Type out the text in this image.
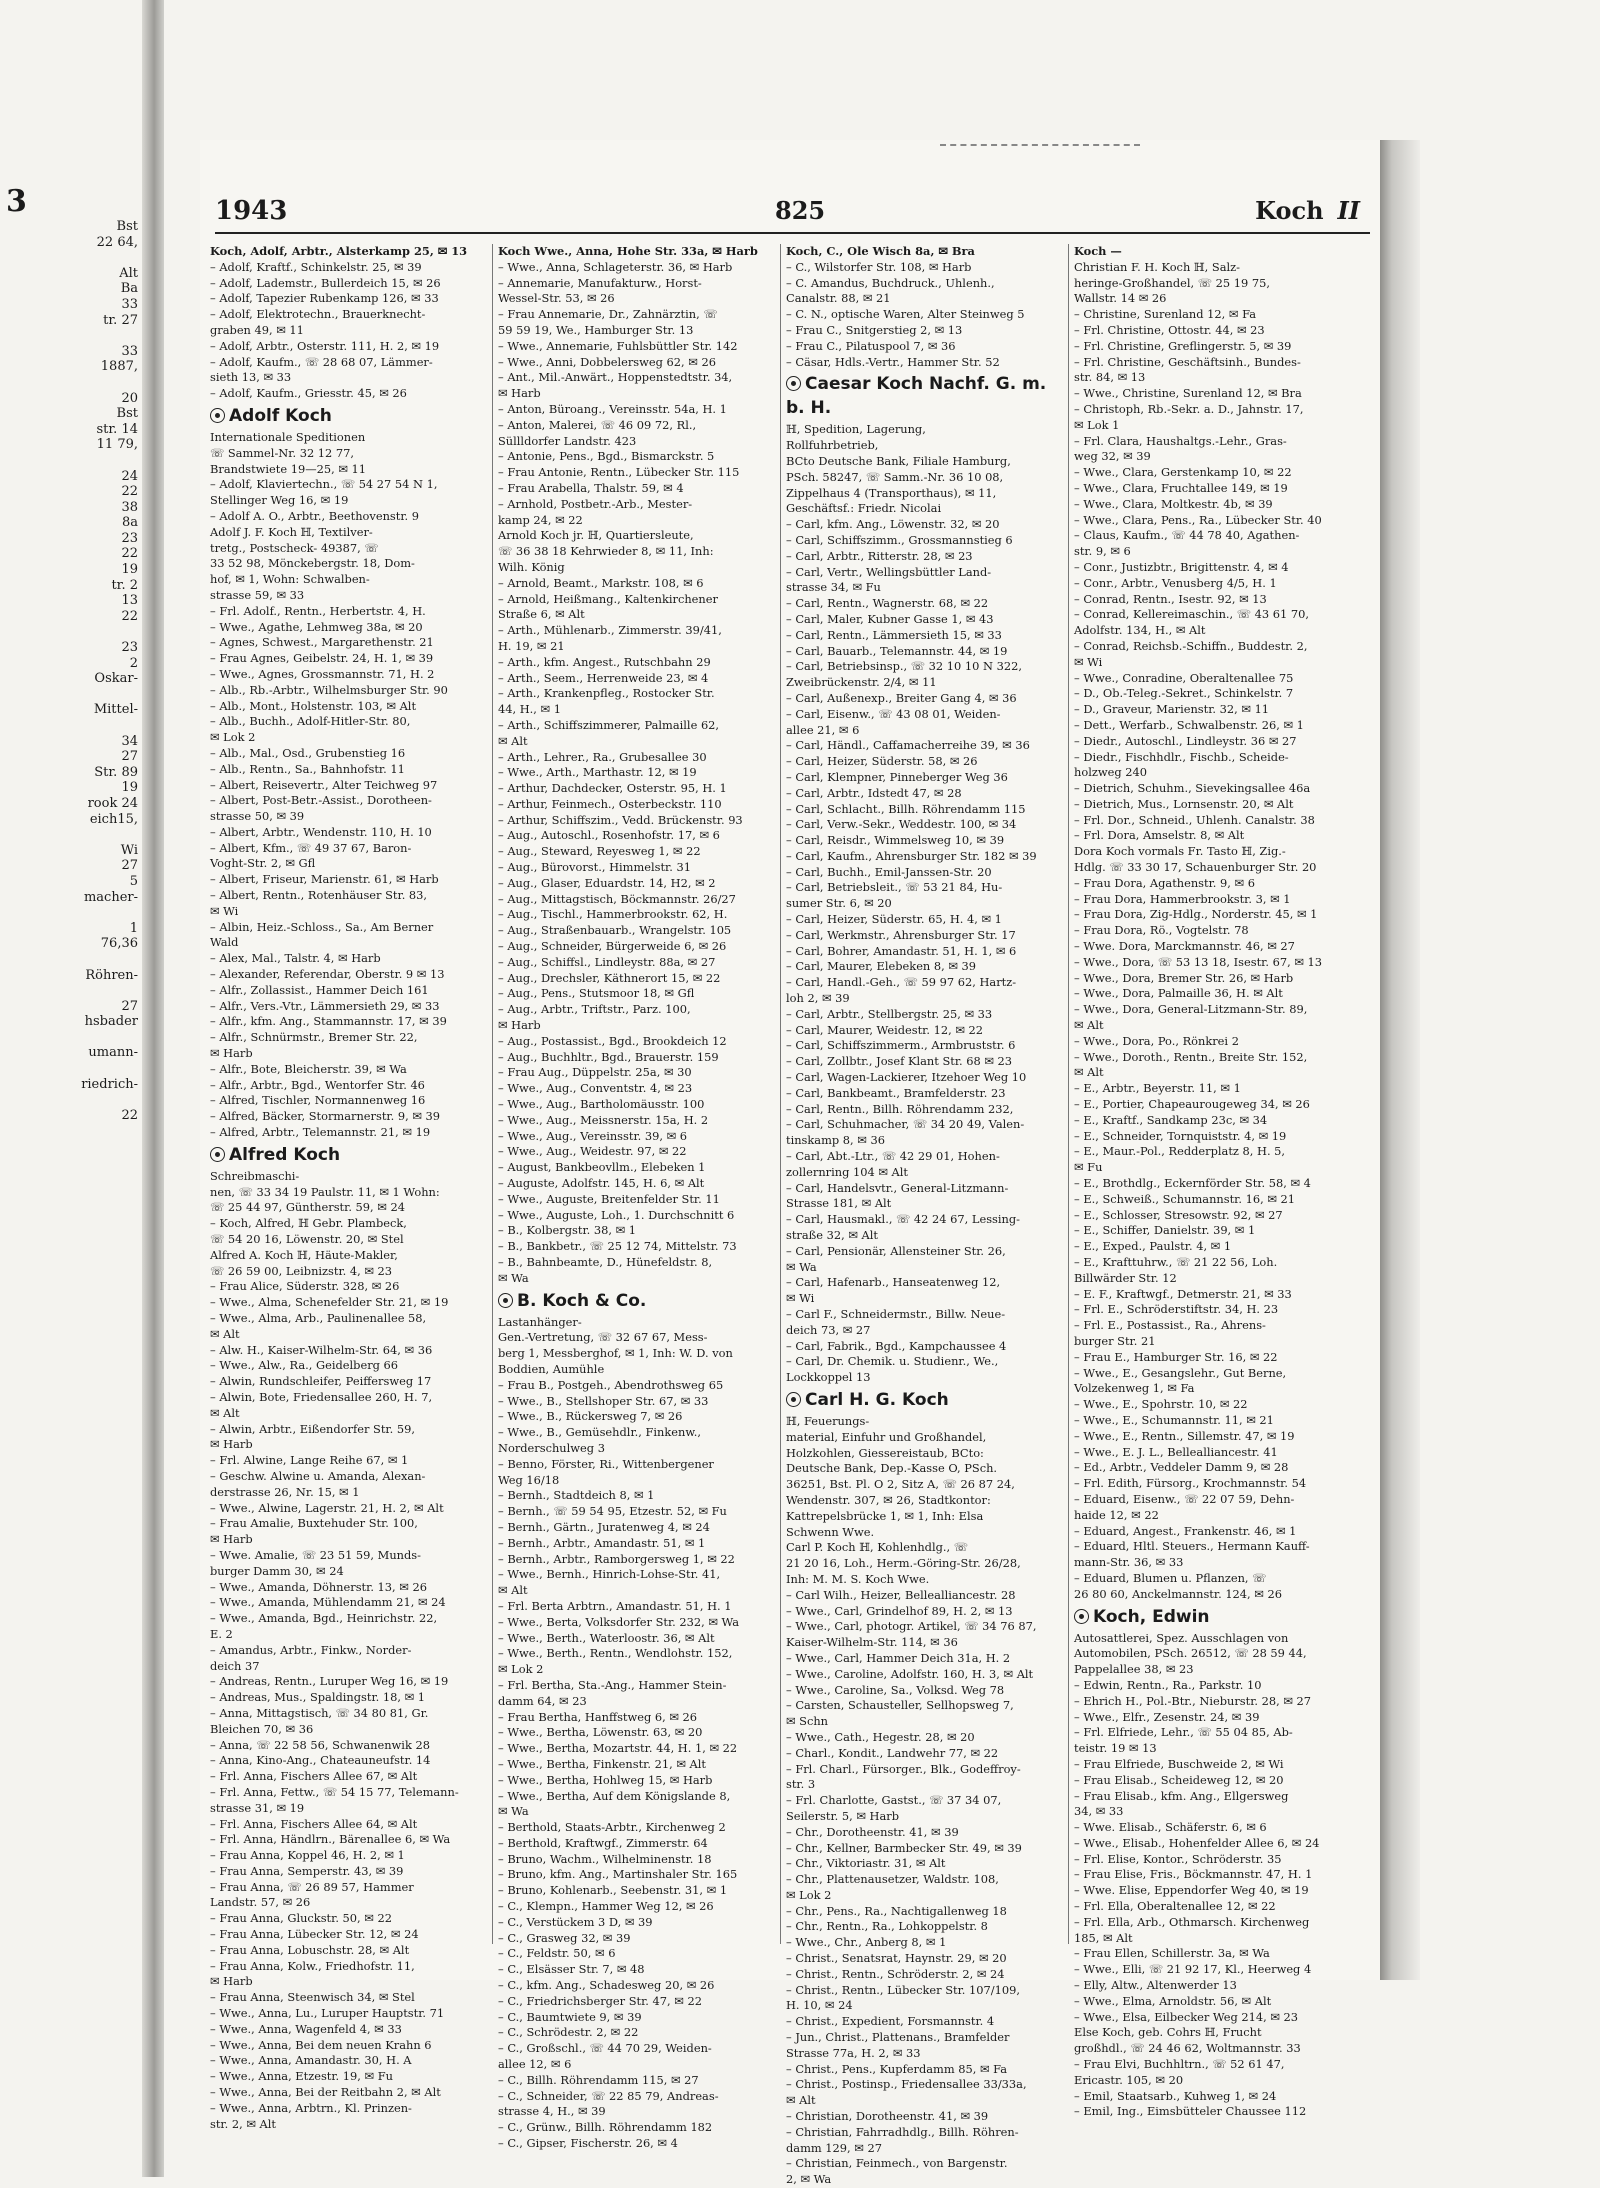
3
Bst
22 64,

Alt
Ba
33
tr. 27

33
1887,

20
Bst
str. 14
11 79,

24
22
38
8a
23
22
19
tr. 2
13
22

23
2
Oskar-

Mittel-

34
27
Str. 89
19
rook 24
eich15,

Wi
27
5
macher-

1
76,36

Röhren-

27
hsbader

umann-

riedrich-

22
1943	825	Koch II
Koch, Adolf, Arbtr., Alsterkamp 25, ✉ 13
– Adolf, Kraftf., Schinkelstr. 25, ✉ 39
– Adolf, Lademstr., Bullerdeich 15, ✉ 26
– Adolf, Tapezier Rubenkamp 126, ✉ 33
– Adolf, Elektrotechn., Brauerknecht-
graben 49, ✉ 11
– Adolf, Arbtr., Osterstr. 111, H. 2, ✉ 19
– Adolf, Kaufm., ☏ 28 68 07, Lämmer-
sieth 13, ✉ 33
– Adolf, Kaufm., Griesstr. 45, ✉ 26
Adolf Koch
Internationale Speditionen
☏ Sammel-Nr. 32 12 77,
Brandstwiete 19—25, ✉ 11
– Adolf, Klaviertechn., ☏ 54 27 54 N 1,
Stellinger Weg 16, ✉ 19
– Adolf A. O., Arbtr., Beethovenstr. 9
Adolf J. F. Koch ℍ, Textilver-
tretg., Postscheck- 49387, ☏
33 52 98, Mönckebergstr. 18, Dom-
hof, ✉ 1, Wohn: Schwalben-
strasse 59, ✉ 33
– Frl. Adolf., Rentn., Herbertstr. 4, H.
– Wwe., Agathe, Lehmweg 38a, ✉ 20
– Agnes, Schwest., Margarethenstr. 21
– Frau Agnes, Geibelstr. 24, H. 1, ✉ 39
– Wwe., Agnes, Grossmannstr. 71, H. 2
– Alb., Rb.-Arbtr., Wilhelmsburger Str. 90
– Alb., Mont., Holstenstr. 103, ✉ Alt
– Alb., Buchh., Adolf-Hitler-Str. 80,
✉ Lok 2
– Alb., Mal., Osd., Grubenstieg 16
– Alb., Rentn., Sa., Bahnhofstr. 11
– Albert, Reisevertr., Alter Teichweg 97
– Albert, Post-Betr.-Assist., Dorotheen-
strasse 50, ✉ 39
– Albert, Arbtr., Wendenstr. 110, H. 10
– Albert, Kfm., ☏ 49 37 67, Baron-
Voght-Str. 2, ✉ Gfl
– Albert, Friseur, Marienstr. 61, ✉ Harb
– Albert, Rentn., Rotenhäuser Str. 83,
✉ Wi
– Albin, Heiz.-Schloss., Sa., Am Berner
Wald
– Alex, Mal., Talstr. 4, ✉ Harb
– Alexander, Referendar, Oberstr. 9 ✉ 13
– Alfr., Zollassist., Hammer Deich 161
– Alfr., Vers.-Vtr., Lämmersieth 29, ✉ 33
– Alfr., kfm. Ang., Stammannstr. 17, ✉ 39
– Alfr., Schnürmstr., Bremer Str. 22,
✉ Harb
– Alfr., Bote, Bleicherstr. 39, ✉ Wa
– Alfr., Arbtr., Bgd., Wentorfer Str. 46
– Alfred, Tischler, Normannenweg 16
– Alfred, Bäcker, Stormarnerstr. 9, ✉ 39
– Alfred, Arbtr., Telemannstr. 21, ✉ 19
Alfred Koch
Schreibmaschi-
nen, ☏ 33 34 19 Paulstr. 11, ✉ 1 Wohn:
☏ 25 44 97, Güntherstr. 59, ✉ 24
– Koch, Alfred, ℍ Gebr. Plambeck,
☏ 54 20 16, Löwenstr. 20, ✉ Stel
Alfred A. Koch ℍ, Häute-Makler,
☏ 26 59 00, Leibnizstr. 4, ✉ 23
– Frau Alice, Süderstr. 328, ✉ 26
– Wwe., Alma, Schenefelder Str. 21, ✉ 19
– Wwe., Alma, Arb., Paulinenallee 58,
✉ Alt
– Alw. H., Kaiser-Wilhelm-Str. 64, ✉ 36
– Wwe., Alw., Ra., Geidelberg 66
– Alwin, Rundschleifer, Peiffersweg 17
– Alwin, Bote, Friedensallee 260, H. 7,
✉ Alt
– Alwin, Arbtr., Eißendorfer Str. 59,
✉ Harb
– Frl. Alwine, Lange Reihe 67, ✉ 1
– Geschw. Alwine u. Amanda, Alexan-
derstrasse 26, Nr. 15, ✉ 1
– Wwe., Alwine, Lagerstr. 21, H. 2, ✉ Alt
– Frau Amalie, Buxtehuder Str. 100,
✉ Harb
– Wwe. Amalie, ☏ 23 51 59, Munds-
burger Damm 30, ✉ 24
– Wwe., Amanda, Döhnerstr. 13, ✉ 26
– Wwe., Amanda, Mühlendamm 21, ✉ 24
– Wwe., Amanda, Bgd., Heinrichstr. 22,
E. 2
– Amandus, Arbtr., Finkw., Norder-
deich 37
– Andreas, Rentn., Luruper Weg 16, ✉ 19
– Andreas, Mus., Spaldingstr. 18, ✉ 1
– Anna, Mittagstisch, ☏ 34 80 81, Gr.
Bleichen 70, ✉ 36
– Anna, ☏ 22 58 56, Schwanenwik 28
– Anna, Kino-Ang., Chateauneufstr. 14
– Frl. Anna, Fischers Allee 67, ✉ Alt
– Frl. Anna, Fettw., ☏ 54 15 77, Telemann-
strasse 31, ✉ 19
– Frl. Anna, Fischers Allee 64, ✉ Alt
– Frl. Anna, Händlrn., Bärenallee 6, ✉ Wa
– Frau Anna, Koppel 46, H. 2, ✉ 1
– Frau Anna, Semperstr. 43, ✉ 39
– Frau Anna, ☏ 26 89 57, Hammer
Landstr. 57, ✉ 26
– Frau Anna, Gluckstr. 50, ✉ 22
– Frau Anna, Lübecker Str. 12, ✉ 24
– Frau Anna, Lobuschstr. 28, ✉ Alt
– Frau Anna, Kolw., Friedhofstr. 11,
✉ Harb
– Frau Anna, Steenwisch 34, ✉ Stel
– Wwe., Anna, Lu., Luruper Hauptstr. 71
– Wwe., Anna, Wagenfeld 4, ✉ 33
– Wwe., Anna, Bei dem neuen Krahn 6
– Wwe., Anna, Amandastr. 30, H. A
– Wwe., Anna, Etzestr. 19, ✉ Fu
– Wwe., Anna, Bei der Reitbahn 2, ✉ Alt
– Wwe., Anna, Arbtrn., Kl. Prinzen-
str. 2, ✉ Alt
Koch Wwe., Anna, Hohe Str. 33a, ✉ Harb
– Wwe., Anna, Schlageterstr. 36, ✉ Harb
– Annemarie, Manufakturw., Horst-
Wessel-Str. 53, ✉ 26
– Frau Annemarie, Dr., Zahnärztin, ☏
59 59 19, We., Hamburger Str. 13
– Wwe., Annemarie, Fuhlsbüttler Str. 142
– Wwe., Anni, Dobbelersweg 62, ✉ 26
– Ant., Mil.-Anwärt., Hoppenstedtstr. 34,
✉ Harb
– Anton, Büroang., Vereinsstr. 54a, H. 1
– Anton, Malerei, ☏ 46 09 72, Rl.,
Süllldorfer Landstr. 423
– Antonie, Pens., Bgd., Bismarckstr. 5
– Frau Antonie, Rentn., Lübecker Str. 115
– Frau Arabella, Thalstr. 59, ✉ 4
– Arnhold, Postbetr.-Arb., Mester-
kamp 24, ✉ 22
Arnold Koch jr. ℍ, Quartiersleute,
☏ 36 38 18 Kehrwieder 8, ✉ 11, Inh:
Wilh. König
– Arnold, Beamt., Markstr. 108, ✉ 6
– Arnold, Heißmang., Kaltenkirchener
Straße 6, ✉ Alt
– Arth., Mühlenarb., Zimmerstr. 39/41,
H. 19, ✉ 21
– Arth., kfm. Angest., Rutschbahn 29
– Arth., Seem., Herrenweide 23, ✉ 4
– Arth., Krankenpfleg., Rostocker Str.
44, H., ✉ 1
– Arth., Schiffszimmerer, Palmaille 62,
✉ Alt
– Arth., Lehrer., Ra., Grubesallee 30
– Wwe., Arth., Marthastr. 12, ✉ 19
– Arthur, Dachdecker, Osterstr. 95, H. 1
– Arthur, Feinmech., Osterbeckstr. 110
– Arthur, Schiffszim., Vedd. Brückenstr. 93
– Aug., Autoschl., Rosenhofstr. 17, ✉ 6
– Aug., Steward, Reyesweg 1, ✉ 22
– Aug., Bürovorst., Himmelstr. 31
– Aug., Glaser, Eduardstr. 14, H2, ✉ 2
– Aug., Mittagstisch, Böckmannstr. 26/27
– Aug., Tischl., Hammerbrookstr. 62, H.
– Aug., Straßenbauarb., Wrangelstr. 105
– Aug., Schneider, Bürgerweide 6, ✉ 26
– Aug., Schiffsl., Lindleystr. 88a, ✉ 27
– Aug., Drechsler, Käthnerort 15, ✉ 22
– Aug., Pens., Stutsmoor 18, ✉ Gfl
– Aug., Arbtr., Triftstr., Parz. 100,
✉ Harb
– Aug., Postassist., Bgd., Brookdeich 12
– Aug., Buchhltr., Bgd., Brauerstr. 159
– Frau Aug., Düppelstr. 25a, ✉ 30
– Wwe., Aug., Conventstr. 4, ✉ 23
– Wwe., Aug., Bartholomäusstr. 100
– Wwe., Aug., Meissnerstr. 15a, H. 2
– Wwe., Aug., Vereinsstr. 39, ✉ 6
– Wwe., Aug., Weidestr. 97, ✉ 22
– August, Bankbeovllm., Elebeken 1
– Auguste, Adolfstr. 145, H. 6, ✉ Alt
– Wwe., Auguste, Breitenfelder Str. 11
– Wwe., Auguste, Loh., 1. Durchschnitt 6
– B., Kolbergstr. 38, ✉ 1
– B., Bankbetr., ☏ 25 12 74, Mittelstr. 73
– B., Bahnbeamte, D., Hünefeldstr. 8,
✉ Wa
B. Koch & Co.
Lastanhänger-
Gen.-Vertretung, ☏ 32 67 67, Mess-
berg 1, Messberghof, ✉ 1, Inh: W. D. von
Boddien, Aumühle
– Frau B., Postgeh., Abendrothsweg 65
– Wwe., B., Stellshoper Str. 67, ✉ 33
– Wwe., B., Rückersweg 7, ✉ 26
– Wwe., B., Gemüsehdlr., Finkenw.,
Norderschulweg 3
– Benno, Förster, Ri., Wittenbergener
Weg 16/18
– Bernh., Stadtdeich 8, ✉ 1
– Bernh., ☏ 59 54 95, Etzestr. 52, ✉ Fu
– Bernh., Gärtn., Juratenweg 4, ✉ 24
– Bernh., Arbtr., Amandastr. 51, ✉ 1
– Bernh., Arbtr., Ramborgersweg 1, ✉ 22
– Wwe., Bernh., Hinrich-Lohse-Str. 41,
✉ Alt
– Frl. Berta Arbtrn., Amandastr. 51, H. 1
– Wwe., Berta, Volksdorfer Str. 232, ✉ Wa
– Wwe., Berth., Waterloostr. 36, ✉ Alt
– Wwe., Berth., Rentn., Wendlohstr. 152,
✉ Lok 2
– Frl. Bertha, Sta.-Ang., Hammer Stein-
damm 64, ✉ 23
– Frau Bertha, Hanffstweg 6, ✉ 26
– Wwe., Bertha, Löwenstr. 63, ✉ 20
– Wwe., Bertha, Mozartstr. 44, H. 1, ✉ 22
– Wwe., Bertha, Finkenstr. 21, ✉ Alt
– Wwe., Bertha, Hohlweg 15, ✉ Harb
– Wwe., Bertha, Auf dem Königslande 8,
✉ Wa
– Berthold, Staats-Arbtr., Kirchenweg 2
– Berthold, Kraftwgf., Zimmerstr. 64
– Bruno, Wachm., Wilhelminenstr. 18
– Bruno, kfm. Ang., Martinshaler Str. 165
– Bruno, Kohlenarb., Seebenstr. 31, ✉ 1
– C., Klempn., Hammer Weg 12, ✉ 26
– C., Verstückem 3 D, ✉ 39
– C., Grasweg 32, ✉ 39
– C., Feldstr. 50, ✉ 6
– C., Elsässer Str. 7, ✉ 48
– C., kfm. Ang., Schadesweg 20, ✉ 26
– C., Friedrichsberger Str. 47, ✉ 22
– C., Baumtwiete 9, ✉ 39
– C., Schrödestr. 2, ✉ 22
– C., Großschl., ☏ 44 70 29, Weiden-
allee 12, ✉ 6
– C., Billh. Röhrendamm 115, ✉ 27
– C., Schneider, ☏ 22 85 79, Andreas-
strasse 4, H., ✉ 39
– C., Grünw., Billh. Röhrendamm 182
– C., Gipser, Fischerstr. 26, ✉ 4
Koch, C., Ole Wisch 8a, ✉ Bra
– C., Wilstorfer Str. 108, ✉ Harb
– C. Amandus, Buchdruck., Uhlenh.,
Canalstr. 88, ✉ 21
– C. N., optische Waren, Alter Steinweg 5
– Frau C., Snitgerstieg 2, ✉ 13
– Frau C., Pilatuspool 7, ✉ 36
– Cäsar, Hdls.-Vertr., Hammer Str. 52
Caesar Koch Nachf. G. m. b. H.
ℍ, Spedition, Lagerung,
Rollfuhrbetrieb,
BCto Deutsche Bank, Filiale Hamburg,
PSch. 58247, ☏ Samm.-Nr. 36 10 08,
Zippelhaus 4 (Transporthaus), ✉ 11,
Geschäftsf.: Friedr. Nicolai
– Carl, kfm. Ang., Löwenstr. 32, ✉ 20
– Carl, Schiffszimm., Grossmannstieg 6
– Carl, Arbtr., Ritterstr. 28, ✉ 23
– Carl, Vertr., Wellingsbüttler Land-
strasse 34, ✉ Fu
– Carl, Rentn., Wagnerstr. 68, ✉ 22
– Carl, Maler, Kubner Gasse 1, ✉ 43
– Carl, Rentn., Lämmersieth 15, ✉ 33
– Carl, Bauarb., Telemannstr. 44, ✉ 19
– Carl, Betriebsinsp., ☏ 32 10 10 N 322,
Zweibrückenstr. 2/4, ✉ 11
– Carl, Außenexp., Breiter Gang 4, ✉ 36
– Carl, Eisenw., ☏ 43 08 01, Weiden-
allee 21, ✉ 6
– Carl, Händl., Caffamacherreihe 39, ✉ 36
– Carl, Heizer, Süderstr. 58, ✉ 26
– Carl, Klempner, Pinneberger Weg 36
– Carl, Arbtr., Idstedt 47, ✉ 28
– Carl, Schlacht., Billh. Röhrendamm 115
– Carl, Verw.-Sekr., Weddestr. 100, ✉ 34
– Carl, Reisdr., Wimmelsweg 10, ✉ 39
– Carl, Kaufm., Ahrensburger Str. 182 ✉ 39
– Carl, Buchh., Emil-Janssen-Str. 20
– Carl, Betriebsleit., ☏ 53 21 84, Hu-
sumer Str. 6, ✉ 20
– Carl, Heizer, Süderstr. 65, H. 4, ✉ 1
– Carl, Werkmstr., Ahrensburger Str. 17
– Carl, Bohrer, Amandastr. 51, H. 1, ✉ 6
– Carl, Maurer, Elebeken 8, ✉ 39
– Carl, Handl.-Geh., ☏ 59 97 62, Hartz-
loh 2, ✉ 39
– Carl, Arbtr., Stellbergstr. 25, ✉ 33
– Carl, Maurer, Weidestr. 12, ✉ 22
– Carl, Schiffszimmerm., Armbruststr. 6
– Carl, Zollbtr., Josef Klant Str. 68 ✉ 23
– Carl, Wagen-Lackierer, Itzehoer Weg 10
– Carl, Bankbeamt., Bramfelderstr. 23
– Carl, Rentn., Billh. Röhrendamm 232,
– Carl, Schuhmacher, ☏ 34 20 49, Valen-
tinskamp 8, ✉ 36
– Carl, Abt.-Ltr., ☏ 42 29 01, Hohen-
zollernring 104 ✉ Alt
– Carl, Handelsvtr., General-Litzmann-
Strasse 181, ✉ Alt
– Carl, Hausmakl., ☏ 42 24 67, Lessing-
straße 32, ✉ Alt
– Carl, Pensionär, Allensteiner Str. 26,
✉ Wa
– Carl, Hafenarb., Hanseatenweg 12,
✉ Wi
– Carl F., Schneidermstr., Billw. Neue-
deich 73, ✉ 27
– Carl, Fabrik., Bgd., Kampchaussee 4
– Carl, Dr. Chemik. u. Studienr., We.,
Lockkoppel 13
Carl H. G. Koch
ℍ, Feuerungs-
material, Einfuhr und Großhandel,
Holzkohlen, Giessereistaub, BCto:
Deutsche Bank, Dep.-Kasse O, PSch.
36251, Bst. Pl. O 2, Sitz A, ☏ 26 87 24,
Wendenstr. 307, ✉ 26, Stadtkontor:
Kattrepelsbrücke 1, ✉ 1, Inh: Elsa
Schwenn Wwe.
Carl P. Koch ℍ, Kohlenhdlg., ☏
21 20 16, Loh., Herm.-Göring-Str. 26/28,
Inh: M. M. S. Koch Wwe.
– Carl Wilh., Heizer, Bellealliancestr. 28
– Wwe., Carl, Grindelhof 89, H. 2, ✉ 13
– Wwe., Carl, photogr. Artikel, ☏ 34 76 87,
Kaiser-Wilhelm-Str. 114, ✉ 36
– Wwe., Carl, Hammer Deich 31a, H. 2
– Wwe., Caroline, Adolfstr. 160, H. 3, ✉ Alt
– Wwe., Caroline, Sa., Volksd. Weg 78
– Carsten, Schausteller, Sellhopsweg 7,
✉ Schn
– Wwe., Cath., Hegestr. 28, ✉ 20
– Charl., Kondit., Landwehr 77, ✉ 22
– Frl. Charl., Fürsorger., Blk., Godeffroy-
str. 3
– Frl. Charlotte, Gastst., ☏ 37 34 07,
Seilerstr. 5, ✉ Harb
– Chr., Dorotheenstr. 41, ✉ 39
– Chr., Kellner, Barmbecker Str. 49, ✉ 39
– Chr., Viktoriastr. 31, ✉ Alt
– Chr., Plattenausetzer, Waldstr. 108,
✉ Lok 2
– Chr., Pens., Ra., Nachtigallenweg 18
– Chr., Rentn., Ra., Lohkoppelstr. 8
– Wwe., Chr., Anberg 8, ✉ 1
– Christ., Senatsrat, Haynstr. 29, ✉ 20
– Christ., Rentn., Schröderstr. 2, ✉ 24
– Christ., Rentn., Lübecker Str. 107/109,
H. 10, ✉ 24
– Christ., Expedient, Forsmannstr. 4
– Jun., Christ., Plattenans., Bramfelder
Strasse 77a, H. 2, ✉ 33
– Christ., Pens., Kupferdamm 85, ✉ Fa
– Christ., Postinsp., Friedensallee 33/33a,
✉ Alt
– Christian, Dorotheenstr. 41, ✉ 39
– Christian, Fahrradhdlg., Billh. Röhren-
damm 129, ✉ 27
– Christian, Feinmech., von Bargenstr.
2, ✉ Wa
Koch —
Christian F. H. Koch ℍ, Salz-
heringe-Großhandel, ☏ 25 19 75,
Wallstr. 14 ✉ 26
– Christine, Surenland 12, ✉ Fa
– Frl. Christine, Ottostr. 44, ✉ 23
– Frl. Christine, Greflingerstr. 5, ✉ 39
– Frl. Christine, Geschäftsinh., Bundes-
str. 84, ✉ 13
– Wwe., Christine, Surenland 12, ✉ Bra
– Christoph, Rb.-Sekr. a. D., Jahnstr. 17,
✉ Lok 1
– Frl. Clara, Haushaltgs.-Lehr., Gras-
weg 32, ✉ 39
– Wwe., Clara, Gerstenkamp 10, ✉ 22
– Wwe., Clara, Fruchtallee 149, ✉ 19
– Wwe., Clara, Moltkestr. 4b, ✉ 39
– Wwe., Clara, Pens., Ra., Lübecker Str. 40
– Claus, Kaufm., ☏ 44 78 40, Agathen-
str. 9, ✉ 6
– Conr., Justizbtr., Brigittenstr. 4, ✉ 4
– Conr., Arbtr., Venusberg 4/5, H. 1
– Conrad, Rentn., Isestr. 92, ✉ 13
– Conrad, Kellereimaschin., ☏ 43 61 70,
Adolfstr. 134, H., ✉ Alt
– Conrad, Reichsb.-Schiffn., Buddestr. 2,
✉ Wi
– Wwe., Conradine, Oberaltenallee 75
– D., Ob.-Teleg.-Sekret., Schinkelstr. 7
– D., Graveur, Marienstr. 32, ✉ 11
– Dett., Werfarb., Schwalbenstr. 26, ✉ 1
– Diedr., Autoschl., Lindleystr. 36 ✉ 27
– Diedr., Fischhdlr., Fischb., Scheide-
holzweg 240
– Dietrich, Schuhm., Sievekingsallee 46a
– Dietrich, Mus., Lornsenstr. 20, ✉ Alt
– Frl. Dor., Schneid., Uhlenh. Canalstr. 38
– Frl. Dora, Amselstr. 8, ✉ Alt
Dora Koch vormals Fr. Tasto ℍ, Zig.-
Hdlg. ☏ 33 30 17, Schauenburger Str. 20
– Frau Dora, Agathenstr. 9, ✉ 6
– Frau Dora, Hammerbrookstr. 3, ✉ 1
– Frau Dora, Zig-Hdlg., Norderstr. 45, ✉ 1
– Frau Dora, Rö., Vogtelstr. 78
– Wwe. Dora, Marckmannstr. 46, ✉ 27
– Wwe., Dora, ☏ 53 13 18, Isestr. 67, ✉ 13
– Wwe., Dora, Bremer Str. 26, ✉ Harb
– Wwe., Dora, Palmaille 36, H. ✉ Alt
– Wwe., Dora, General-Litzmann-Str. 89,
✉ Alt
– Wwe., Dora, Po., Rönkrei 2
– Wwe., Doroth., Rentn., Breite Str. 152,
✉ Alt
– E., Arbtr., Beyerstr. 11, ✉ 1
– E., Portier, Chapeaurougeweg 34, ✉ 26
– E., Kraftf., Sandkamp 23c, ✉ 34
– E., Schneider, Tornquiststr. 4, ✉ 19
– E., Maur.-Pol., Redderplatz 8, H. 5,
✉ Fu
– E., Brothdlg., Eckernförder Str. 58, ✉ 4
– E., Schweiß., Schumannstr. 16, ✉ 21
– E., Schlosser, Stresowstr. 92, ✉ 27
– E., Schiffer, Danielstr. 39, ✉ 1
– E., Exped., Paulstr. 4, ✉ 1
– E., Krafttuhrw., ☏ 21 22 56, Loh.
Billwärder Str. 12
– E. F., Kraftwgf., Detmerstr. 21, ✉ 33
– Frl. E., Schröderstiftstr. 34, H. 23
– Frl. E., Postassist., Ra., Ahrens-
burger Str. 21
– Frau E., Hamburger Str. 16, ✉ 22
– Wwe., E., Gesangslehr., Gut Berne,
Volzekenweg 1, ✉ Fa
– Wwe., E., Spohrstr. 10, ✉ 22
– Wwe., E., Schumannstr. 11, ✉ 21
– Wwe., E., Rentn., Sillemstr. 47, ✉ 19
– Wwe., E. J. L., Bellealliancestr. 41
– Ed., Arbtr., Veddeler Damm 9, ✉ 28
– Frl. Edith, Fürsorg., Krochmannstr. 54
– Eduard, Eisenw., ☏ 22 07 59, Dehn-
haide 12, ✉ 22
– Eduard, Angest., Frankenstr. 46, ✉ 1
– Eduard, Hltl. Steuers., Hermann Kauff-
mann-Str. 36, ✉ 33
– Eduard, Blumen u. Pflanzen, ☏
26 80 60, Anckelmannstr. 124, ✉ 26
Koch, Edwin
Autosattlerei, Spez. Ausschlagen von
Automobilen, PSch. 26512, ☏ 28 59 44,
Pappelallee 38, ✉ 23
– Edwin, Rentn., Ra., Parkstr. 10
– Ehrich H., Pol.-Btr., Nieburstr. 28, ✉ 27
– Wwe., Elfr., Zesenstr. 24, ✉ 39
– Frl. Elfriede, Lehr., ☏ 55 04 85, Ab-
teistr. 19 ✉ 13
– Frau Elfriede, Buschweide 2, ✉ Wi
– Frau Elisab., Scheideweg 12, ✉ 20
– Frau Elisab., kfm. Ang., Ellgersweg
34, ✉ 33
– Wwe. Elisab., Schäferstr. 6, ✉ 6
– Wwe., Elisab., Hohenfelder Allee 6, ✉ 24
– Frl. Elise, Kontor., Schröderstr. 35
– Frau Elise, Fris., Böckmannstr. 47, H. 1
– Wwe. Elise, Eppendorfer Weg 40, ✉ 19
– Frl. Ella, Oberaltenallee 12, ✉ 22
– Frl. Ella, Arb., Othmarsch. Kirchenweg
185, ✉ Alt
– Frau Ellen, Schillerstr. 3a, ✉ Wa
– Wwe., Elli, ☏ 21 92 17, Kl., Heerweg 4
– Elly, Altw., Altenwerder 13
– Wwe., Elma, Arnoldstr. 56, ✉ Alt
– Wwe., Elsa, Eilbecker Weg 214, ✉ 23
Else Koch, geb. Cohrs ℍ, Frucht
großhdl., ☏ 24 46 62, Woltmannstr. 33
– Frau Elvi, Buchhltrn., ☏ 52 61 47,
Ericastr. 105, ✉ 20
– Emil, Staatsarb., Kuhweg 1, ✉ 24
– Emil, Ing., Eimsbütteler Chaussee 112
